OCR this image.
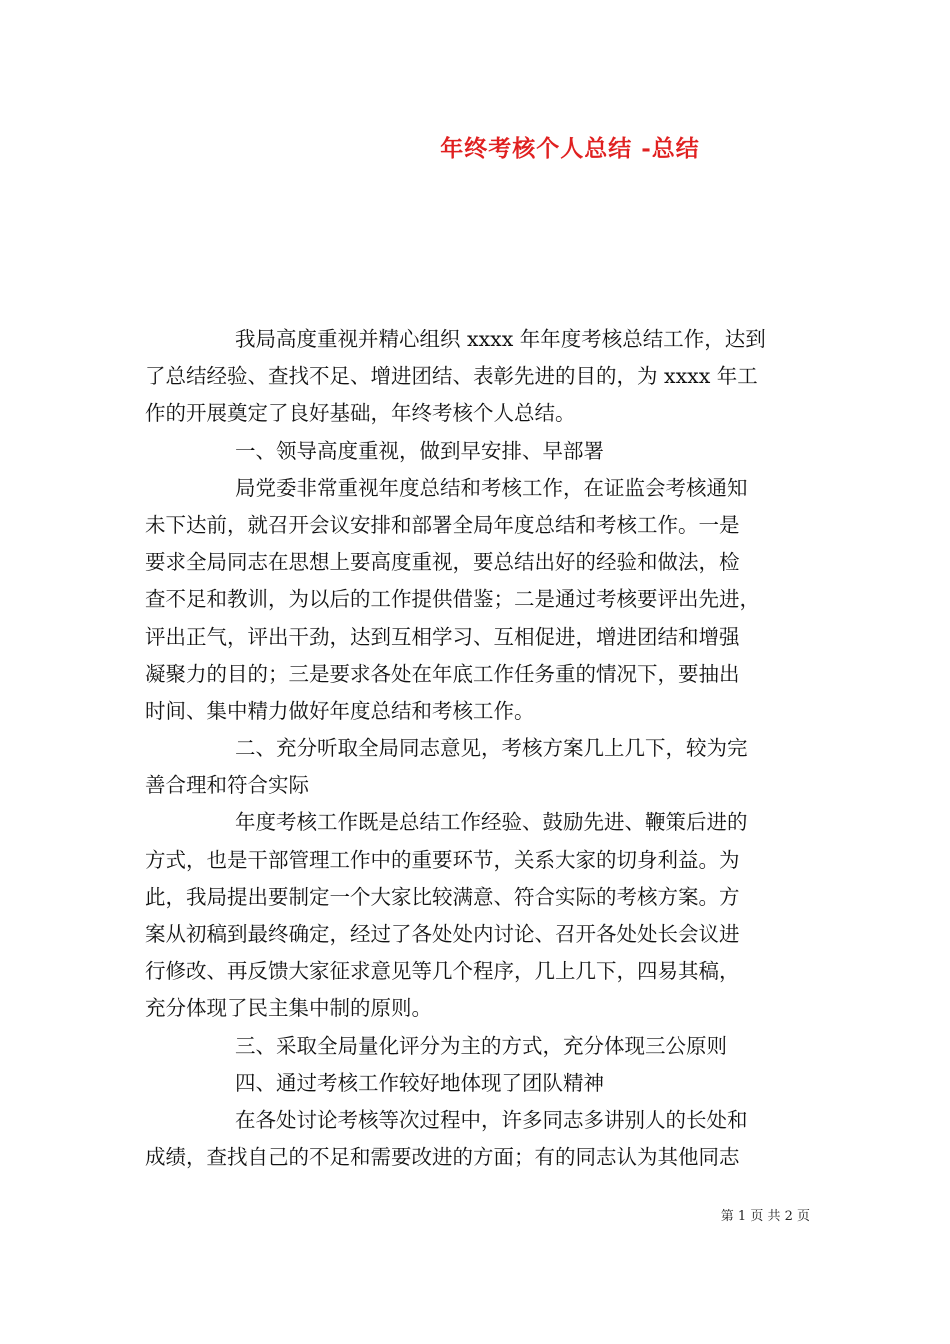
年终考核个人总结 -总结
我局高度重视并精心组织 xxxx 年年度考核总结工作，达到
了总结经验、查找不足、增进团结、表彰先进的目的，为 xxxx 年工
作的开展奠定了良好基础，年终考核个人总结。
一、领导高度重视，做到早安排、早部署
局党委非常重视年度总结和考核工作，在证监会考核通知
未下达前，就召开会议安排和部署全局年度总结和考核工作。一是
要求全局同志在思想上要高度重视，要总结出好的经验和做法，检
查不足和教训，为以后的工作提供借鉴；二是通过考核要评出先进，
评出正气，评出干劲，达到互相学习、互相促进，增进团结和增强
凝聚力的目的；三是要求各处在年底工作任务重的情况下，要抽出
时间、集中精力做好年度总结和考核工作。
二、充分听取全局同志意见，考核方案几上几下，较为完
善合理和符合实际
年度考核工作既是总结工作经验、鼓励先进、鞭策后进的
方式，也是干部管理工作中的重要环节，关系大家的切身利益。为
此，我局提出要制定一个大家比较满意、符合实际的考核方案。方
案从初稿到最终确定，经过了各处处内讨论、召开各处处长会议进
行修改、再反馈大家征求意见等几个程序，几上几下，四易其稿，
充分体现了民主集中制的原则。
三、采取全局量化评分为主的方式，充分体现三公原则
四、通过考核工作较好地体现了团队精神
在各处讨论考核等次过程中，许多同志多讲别人的长处和
成绩，查找自己的不足和需要改进的方面；有的同志认为其他同志
第 1 页 共 2 页
